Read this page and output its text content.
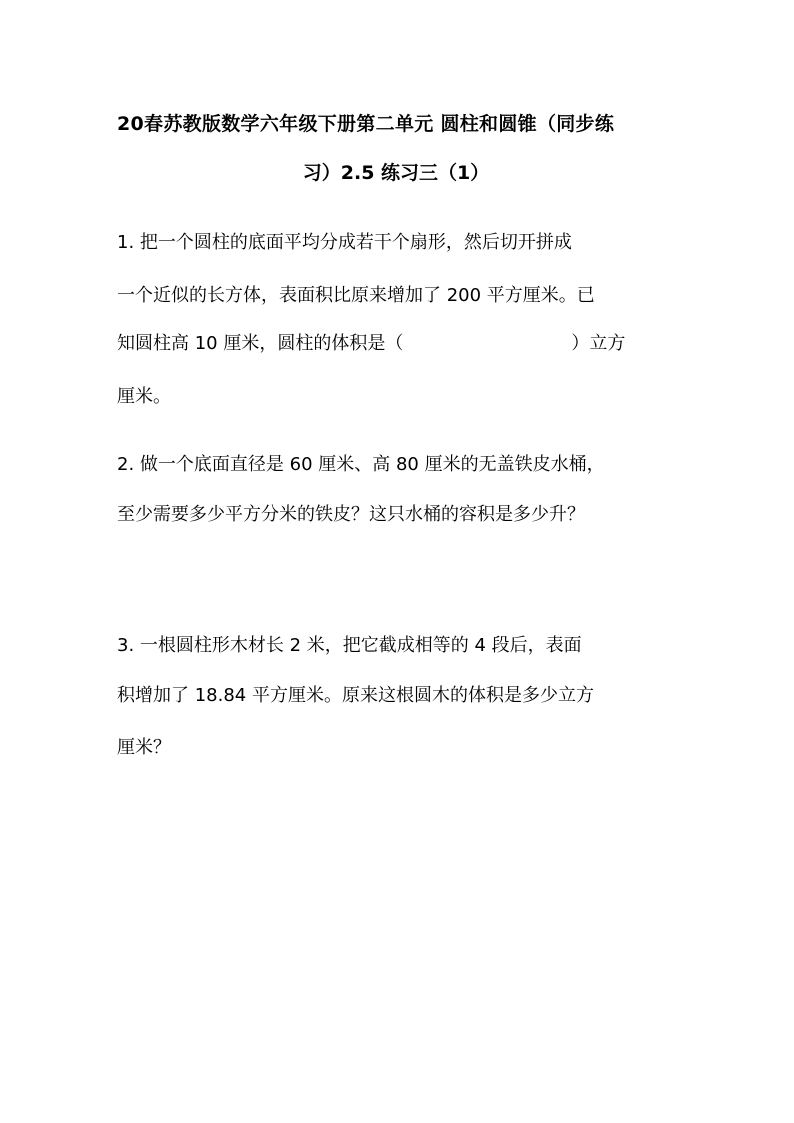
20春苏教版数学六年级下册第二单元 圆柱和圆锥（同步练
习）2.5 练习三（1）
1. 把一个圆柱的底面平均分成若干个扇形，然后切开拼成
一个近似的长方体，表面积比原来增加了 200 平方厘米。已
知圆柱高 10 厘米，圆柱的体积是（	）立方
厘米。
2. 做一个底面直径是 60 厘米、高 80 厘米的无盖铁皮水桶，
至少需要多少平方分米的铁皮？这只水桶的容积是多少升？
3. 一根圆柱形木材长 2 米，把它截成相等的 4 段后，表面
积增加了 18.84 平方厘米。原来这根圆木的体积是多少立方
厘米？
